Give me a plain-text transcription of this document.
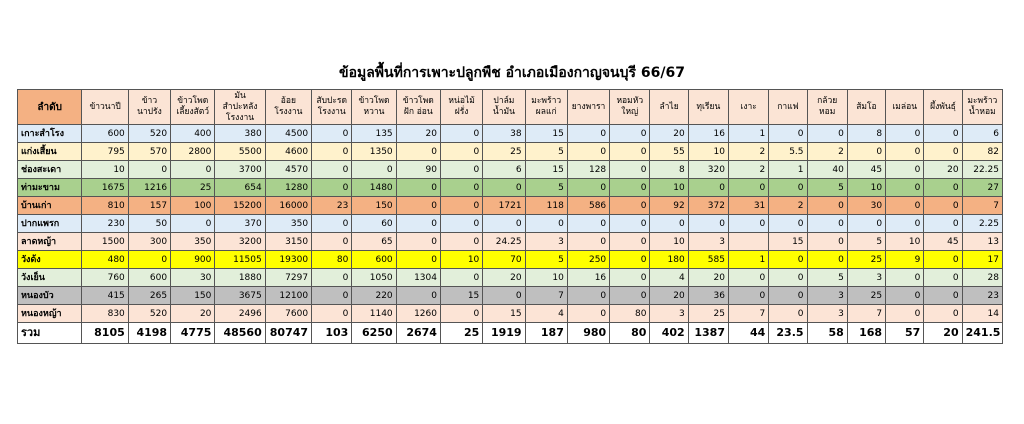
ข้อมูลพื้นที่การเพาะปลูกพืช อำเภอเมืองกาญจนบุรี 66/67
ลำดับ	ข้าวนาปี	ข้าว นาปรัง	ข้าวโพด เลี้ยงสัตว์	มัน สำปะหลัง โรงงาน	อ้อย โรงงาน	สับปะรด โรงงาน	ข้าวโพดหวาน	ข้าวโพดฝัก อ่อน	หน่อไม้ฝรั่ง	ปาล์ม น้ำมัน	มะพร้าว ผลแก่	ยางพารา	หอมหัวใหญ่	ลำไย	ทุเรียน	เงาะ	กาแฟ	กล้วยหอม	ส้มโอ	เมล่อน	ผึ้งพันธุ์	มะพร้าว น้ำหอม
เกาะสำโรง	600	520	400	380	4500	0	135	20	0	38	15	0	0	20	16	1	0	0	8	0	0	6
แก่งเสี้ยน	795	570	2800	5500	4600	0	1350	0	0	25	5	0	0	55	10	2	5.5	2	0	0	0	82
ช่องสะเดา	10	0	0	3700	4570	0	0	90	0	6	15	128	0	8	320	2	1	40	45	0	20	22.25
ท่ามะขาม	1675	1216	25	654	1280	0	1480	0	0	0	5	0	0	10	0	0	0	5	10	0	0	27
บ้านเก่า	810	157	100	15200	16000	23	150	0	0	1721	118	586	0	92	372	31	2	0	30	0	0	7
ปากแพรก	230	50	0	370	350	0	60	0	0	0	0	0	0	0	0	0	0	0	0	0	0	2.25
ลาดหญ้า	1500	300	350	3200	3150	0	65	0	0	24.25	3	0	0	10	3		15	0	5	10	45	13
วังด้ง	480	0	900	11505	19300	80	600	0	10	70	5	250	0	180	585	1	0	0	25	9	0	17
วังเย็น	760	600	30	1880	7297	0	1050	1304	0	20	10	16	0	4	20	0	0	5	3	0	0	28
หนองบัว	415	265	150	3675	12100	0	220	0	15	0	7	0	0	20	36	0	0	3	25	0	0	23
หนองหญ้า	830	520	20	2496	7600	0	1140	1260	0	15	4	0	80	3	25	7	0	3	7	0	0	14
รวม	8105	4198	4775	48560	80747	103	6250	2674	25	1919	187	980	80	402	1387	44	23.5	58	168	57	20	241.5
